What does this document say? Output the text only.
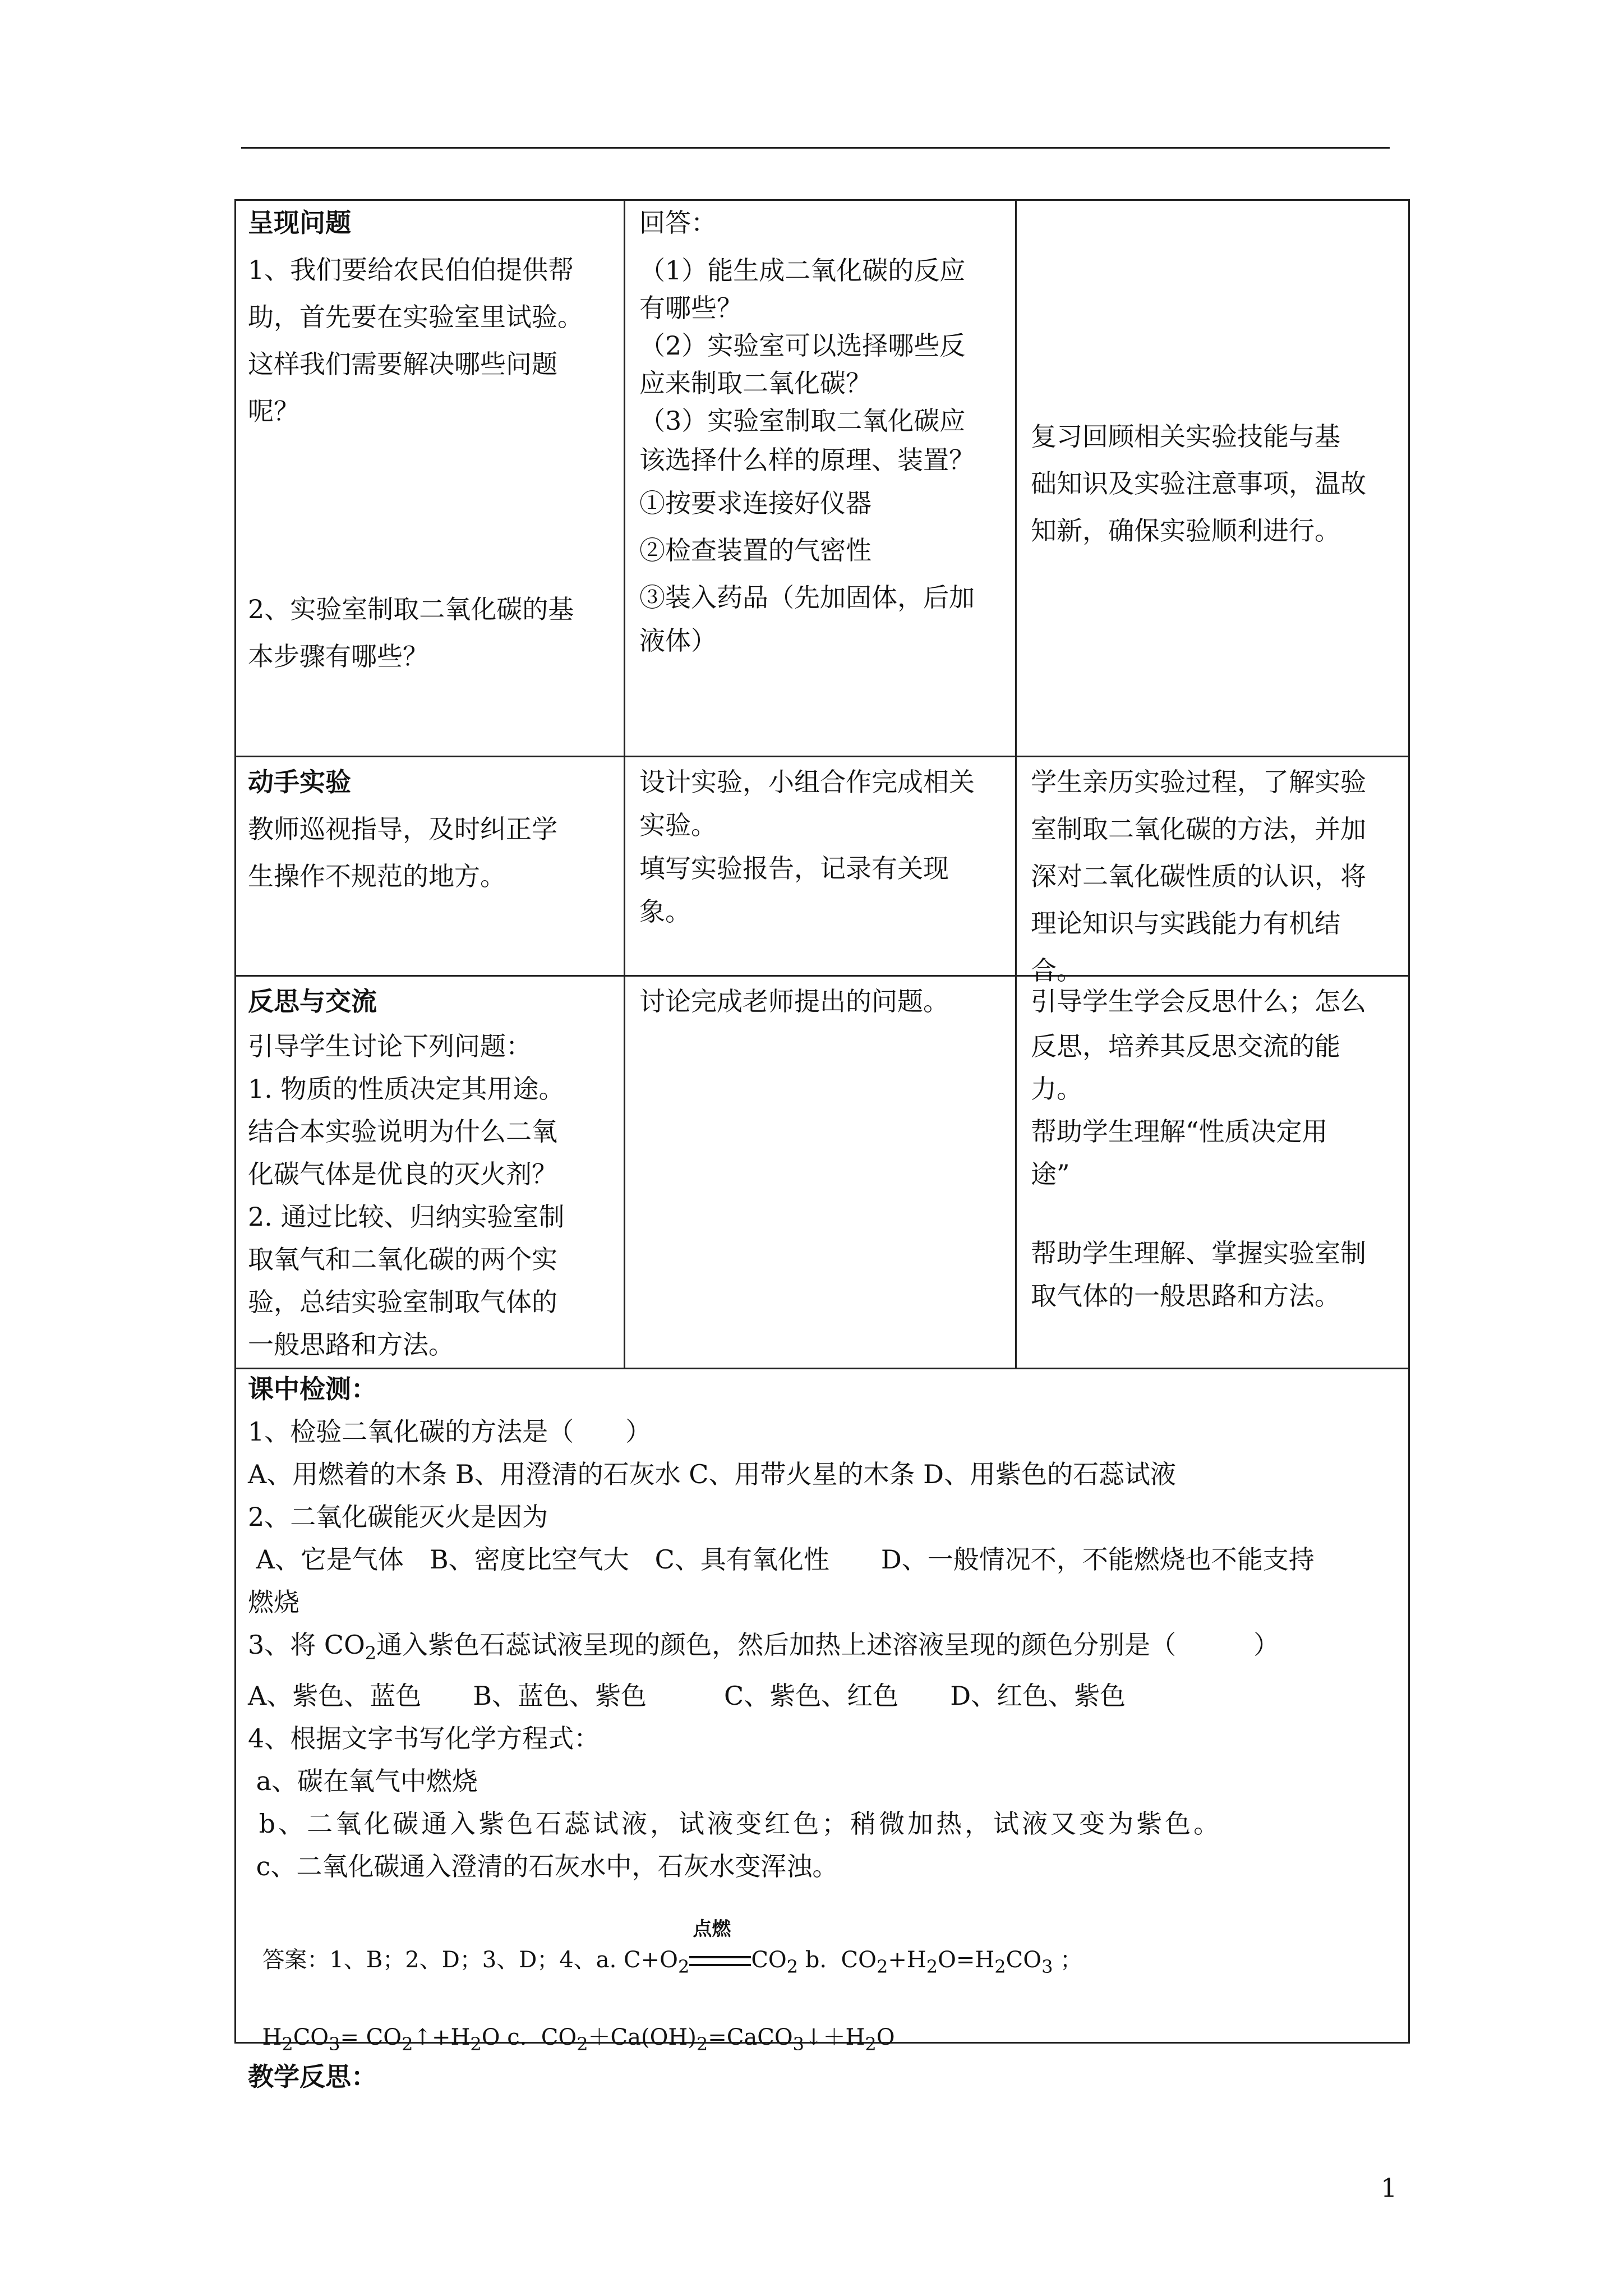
呈现问题

1、我们要给农民伯伯提供帮

助，首先要在实验室里试验。

这样我们需要解决哪些问题

呢？

2、实验室制取二氧化碳的基

本步骤有哪些？

回答：

（1）能生成二氧化碳的反应

有哪些？

（2）实验室可以选择哪些反

应来制取二氧化碳？

（3）实验室制取二氧化碳应

该选择什么样的原理、装置？

①按要求连接好仪器

②检查装置的气密性

③装入药品（先加固体，后加

液体）

复习回顾相关实验技能与基

础知识及实验注意事项，温故

知新，确保实验顺利进行。

动手实验

教师巡视指导，及时纠正学

生操作不规范的地方。

设计实验，小组合作完成相关

实验。

填写实验报告，记录有关现

象。

学生亲历实验过程，了解实验

室制取二氧化碳的方法，并加

深对二氧化碳性质的认识，将

理论知识与实践能力有机结

合。

反思与交流

引导学生讨论下列问题：

1. 物质的性质决定其用途。

结合本实验说明为什么二氧

化碳气体是优良的灭火剂？

2. 通过比较、归纳实验室制

取氧气和二氧化碳的两个实

验，总结实验室制取气体的

一般思路和方法。

讨论完成老师提出的问题。	引导学生学会反思什么；怎么

反思，培养其反思交流的能

力。

帮助学生理解“性质决定用

途”

帮助学生理解、掌握实验室制

取气体的一般思路和方法。

课中检测：

1、检验二氧化碳的方法是（　　）

A、用燃着的木条 B、用澄清的石灰水 C、用带火星的木条 D、用紫色的石蕊试液

2、二氧化碳能灭火是因为

A、它是气体　B、密度比空气大　C、具有氧化性　　D、一般情况不，不能燃烧也不能支持

燃烧

3、将 $CO_2$通入紫色石蕊试液呈现的颜色，然后加热上述溶液呈现的颜色分别是（　　　）

A、紫色、蓝色　　B、蓝色、紫色　　　C、紫色、红色　　D、红色、紫色

4、根据文字书写化学方程式：

a、碳在氧气中燃烧

b、二氧化碳通入紫色石蕊试液，试液变红色；稍微加热，试液又变为紫色。

c、二氧化碳通入澄清的石灰水中，石灰水变浑浊。

答案：1、B；2、D；3、D；4、a. $C+O_2$
点燃
$CO_2$ b.  $CO_2+H_2O=H_2CO_3$ ；

$H_2CO_3=$ $CO_2↑+H_2O$ c.  $CO_2+Ca(OH)_2=CaCO_3↓+H_2O$

教学反思：
1
